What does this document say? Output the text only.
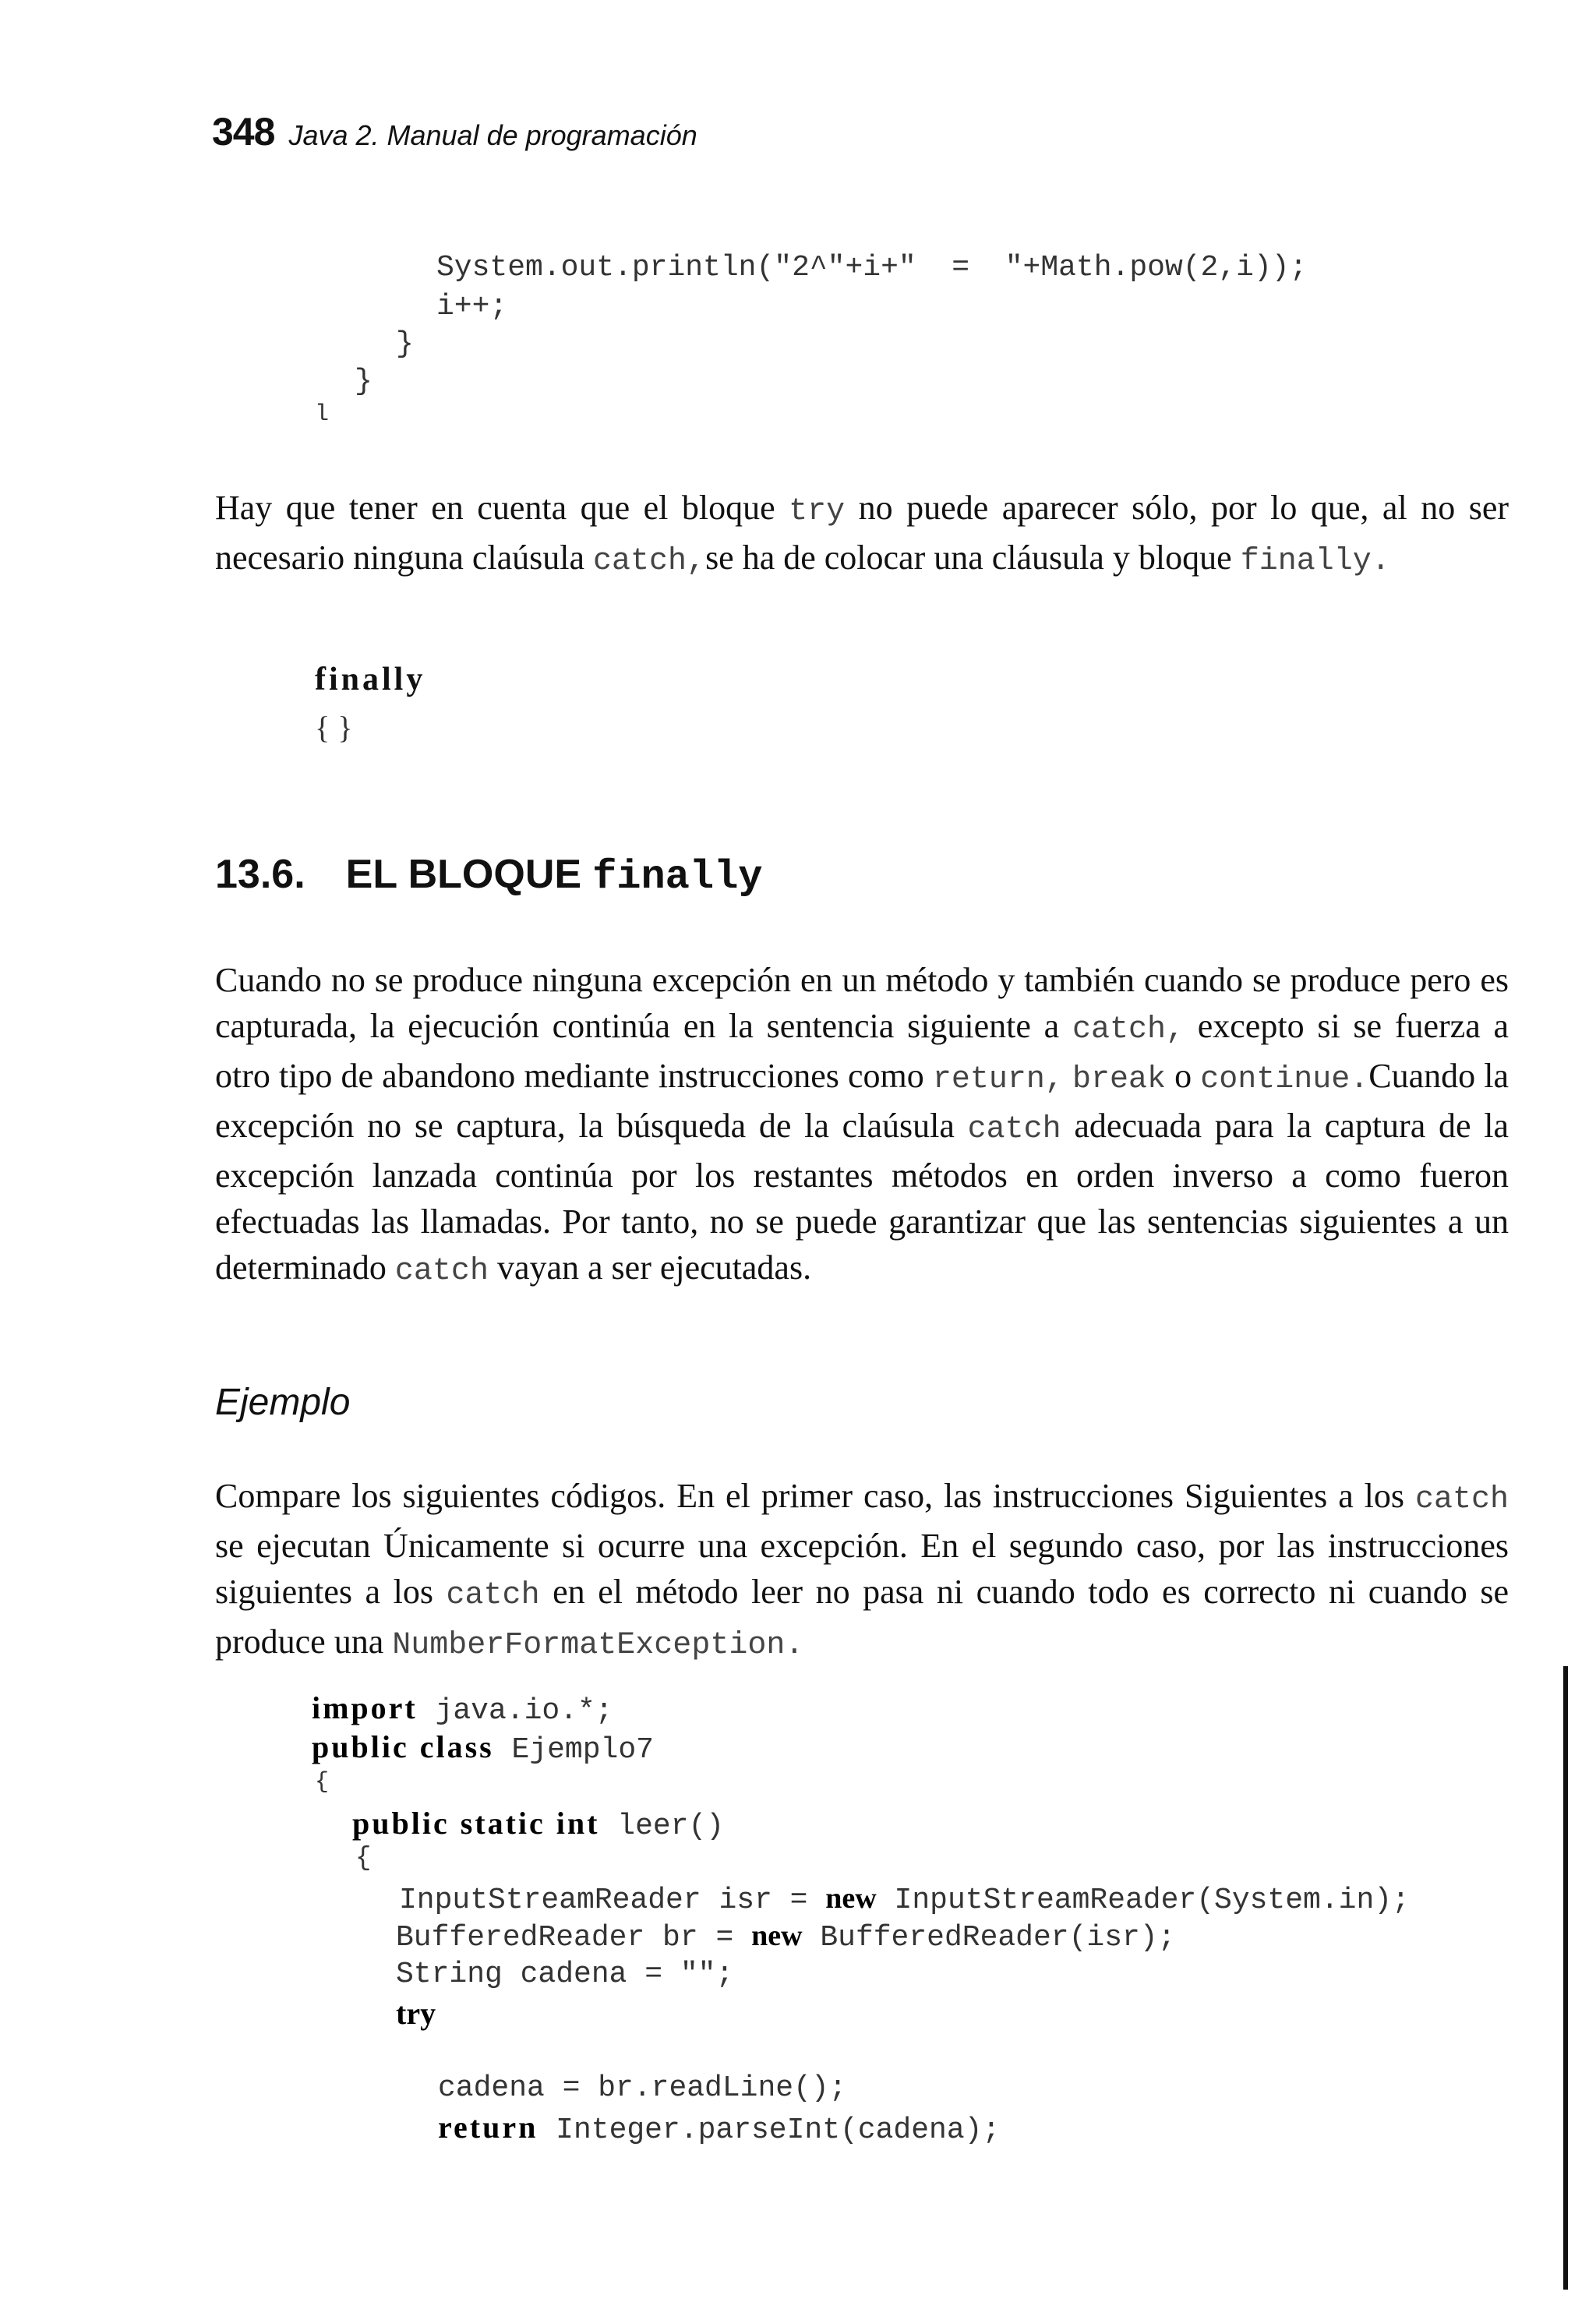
348 Java 2. Manual de programación
System.out.println("2^"+i+"  =  "+Math.pow(2,i));
i++;
}
}
l

Hay que tener en cuenta que el bloque try no puede aparecer sólo, por lo que, al no ser necesario ninguna claúsula catch,se ha de colocar una cláusula y bloque finally.

finally
{ }
13.6. EL BLOQUE finally

Cuando no se produce ninguna excepción en un método y también cuando se produce pero es capturada, la ejecución continúa en la sentencia siguiente a catch, excepto si se fuerza a otro tipo de abandono mediante instrucciones como return, break o continue.Cuando la excepción no se captura, la búsqueda de la claúsula catch adecuada para la captura de la excepción lanzada continúa por los restantes métodos en orden inverso a como fueron efectuadas las llamadas. Por tanto, no se puede garantizar que las sentencias siguientes a un determinado catch vayan a ser ejecutadas.

Ejemplo

Compare los siguientes códigos. En el primer caso, las instrucciones Siguientes a los catch se ejecutan Únicamente si ocurre una excepción. En el segundo caso, por las instrucciones siguientes a los catch en el método leer no pasa ni cuando todo es correcto ni cuando se produce una NumberFormatException.

import java.io.*;
public class Ejemplo7
{
public static int leer()
{
InputStreamReader isr = new InputStreamReader(System.in);
BufferedReader br = new BufferedReader(isr);
String cadena = "";
try
cadena = br.readLine();
return Integer.parseInt(cadena);
